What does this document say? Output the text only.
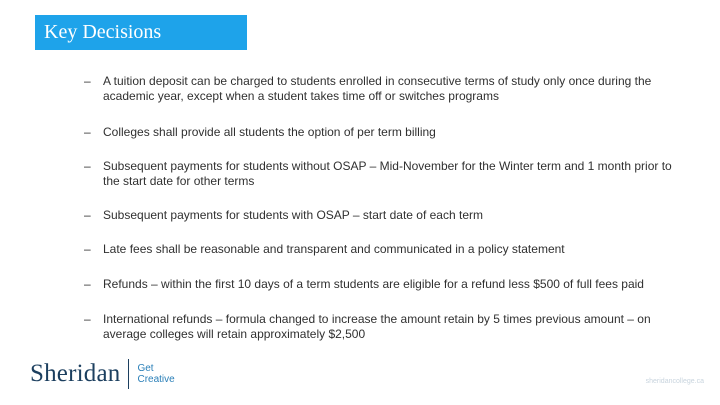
Key Decisions
– A tuition deposit can be charged to students enrolled in consecutive terms of study only once during the academic year, except when a student takes time off or switches programs
– Colleges shall provide all students the option of per term billing
– Subsequent payments for students without OSAP – Mid-November for the Winter term and 1 month prior to the start date for other terms
– Subsequent payments for students with OSAP – start date of each term
– Late fees shall be reasonable and transparent and communicated in a policy statement
– Refunds – within the first 10 days of a term students are eligible for a refund less $500 of full fees paid
– International refunds – formula changed to increase the amount retain by 5 times previous amount – on average colleges will retain approximately $2,500
Sheridan Get
Creative	sheridancollege.ca
